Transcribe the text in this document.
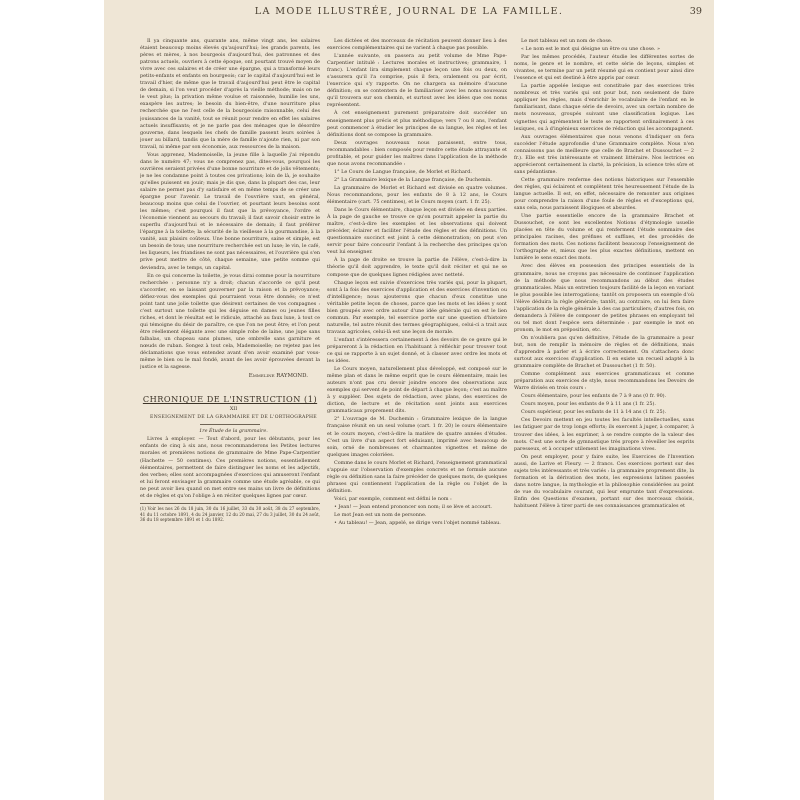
LA MODE ILLUSTRÉE, JOURNAL DE LA FAMILLE.	39

Il ya cinquante ans, quarante ans, même vingt ans, les salaires étaient beaucoup moins élevés qu'aujourd'hui; les grands parents, les pères et mères, à nos bourgeois d'aujourd'hui, des patronnes et des patrons actuels, ouvriers à cette époque, ont pourtant trouvé moyen de vivre avec ces salaires et de créer une épargne, qui a transformé leurs petits-enfants et enfants en bourgeois; car le capital d'aujourd'hui est le travail d'hier, de même que le travail d'aujourd'hui peut être le capital de demain, si l'on veut procéder d'après la vieille méthode; mais on ne le veut plus; la privation même voulue et raisonnée, humilie les uns, exaspère les autres; le besoin du bien-être, d'une nourriture plus recherchée que ne l'est celle de la bourgeoisie raisonnable, celui des jouissances de la vanité, tout se réunit pour rendre en effet les salaires actuels insuffisants; et je ne parle pas des ménages que le désordre gouverne, dans lesquels les chefs de famille passent leurs soirées à jouer au billard, tandis que la mère de famille n'ajoute rien, ni par son travail, ni même par son économie, aux ressources de la maison.

Vous apprenez, Mademoiselle, la jeune fille à laquelle j'ai répondu dans le numéro 47; vous ne comprenez pas, dites-vous, pourquoi les ouvrières seraient privées d'une bonne nourriture et de jolis vêtements; je ne les condamne point à toutes ces privations; loin de là, je souhaite qu'elles puissent en jouir; mais je dis que, dans la plupart des cas, leur salaire ne permet pas d'y satisfaire et en même temps de se créer une épargne pour l'avenir. Le travail de l'ouvrière vaut, en général, beaucoup moins que celui de l'ouvrier, et pourtant leurs besoins sont les mêmes; c'est pourquoi il faut que la prévoyance, l'ordre et l'économie viennent au secours du travail; il faut savoir choisir entre le superflu d'aujourd'hui et le nécessaire de demain; il faut préférer l'épargne à la toilette; la sécurité de la vieillesse à la gourmandise, à la vanité, aux plaisirs coûteux. Une bonne nourriture, saine et simple, est un besoin de tous; une nourriture recherchée est un luxe; le vin, le café, les liqueurs, les friandises ne sont pas nécessaires, et l'ouvrière qui s'en prive peut mettre de côté, chaque semaine, une petite somme qui deviendra, avec le temps, un capital.

En ce qui concerne la toilette, je vous dirai comme pour la nourriture recherchée : personne n'y a droit; chacun s'accorde ce qu'il peut s'accorder, en se laissant gouverner par la raison et la prévoyance; défiez-vous des exemples qui pourraient vous être donnés; ce n'est point tant une jolie toilette que désirent certaines de vos compagnes : c'est surtout une toilette qui les déguise en dames ou jeunes filles riches, et dont le résultat est le ridicule, attaché au faux luxe, à tout ce qui témoigne du désir de paraître, ce que l'on ne peut être; et l'on peut être réellement élégante avec une simple robe de laine, une jupe sans falbalas, un chapeau sans plumes, une ombrelle sans garniture et nœuds de ruban. Songez à tout cela, Mademoiselle; ne rejetez pas les déclamations que vous entendez avant d'en avoir examiné par vous-même le bien ou le mal fondé, avant de les avoir éprouvées devant la justice et la sagesse.

Emmeline RAYMOND.
CHRONIQUE DE L'INSTRUCTION (1)

XII

ENSEIGNEMENT DE LA GRAMMAIRE ET DE L'ORTHOGRAPHE

1re Étude de la grammaire.

Livres à employer. — Tout d'abord, pour les débutants, pour les enfants de cinq à six ans, nous recommanderons les Petites lectures morales et premières notions de grammaire de Mme Pape-Carpentier (Hachette — 50 centimes). Ces premières notions, essentiellement élémentaires, permettent de faire distinguer les noms et les adjectifs, des verbes; elles sont accompagnées d'exercices qui amuseront l'enfant et lui feront envisager la grammaire comme une étude agréable, ce qui ne peut avoir lieu quand on met entre ses mains un livre de définitions et de règles et qu'on l'oblige à en réciter quelques lignes par cœur.

(1) Voir les nos 26 du 18 juin, 30 du 16 juillet, 33 du 30 août, 38 du 27 septembre, 41 du 11 octobre 1891, 4 du 24 janvier, 12 du 20 mai, 27 du 3 juillet, 30 du 24 août, 36 du 18 septembre 1891 et 1 du 1892.

Les dictées et des morceaux de récitation peuvent donner lieu à des exercices complémentaires qui ne varient à chaque pas possible.

L'année suivante, on passera au petit volume de Mme Pape-Carpentier intitulé : Lectures morales et instructives; grammaire, 1 franc). L'enfant lira simplement chaque leçon une fois ou deux, on s'assurera qu'il l'a comprise, puis il fera, oralement ou par écrit, l'exercice qui s'y rapporte. On ne chargera sa mémoire d'aucune définition; on se contentera de le familiariser avec les noms nouveaux qu'il trouvera sur son chemin, et surtout avec les idées que ces noms représentent.

À cet enseignement purement préparatoire doit succéder un enseignement plus précis et plus méthodique; vers 7 ou 8 ans, l'enfant peut commencer à étudier les principes de sa langue, les règles et les définitions dont se compose la grammaire.

Deux ouvrages nouveaux nous paraissent, entre tous, recommandables : bien composés pour rendre cette étude attrayante et profitable, et pour guider les maîtres dans l'application de la méthode que nous avons recommandée :

1° Le Cours de Langue française, de Morlet et Richard.

2° La Grammaire lexique de la Langue française, de Duchemin.

La grammaire de Morlet et Richard est divisée en quatre volumes. Nous recommandons, pour les enfants de 8 à 12 ans, le Cours élémentaire (cart. 75 centimes), et le Cours moyen (cart. 1 fr. 25).

Dans le Cours élémentaire, chaque leçon est divisée en deux parties. À la page de gauche se trouve ce qu'on pourrait appeler la partie du maître, c'est-à-dire les exemples et les observations qui doivent précéder, éclairer et faciliter l'étude des règles et des définitions. Un questionnaire succinct est joint à cette démonstration; on peut s'en servir pour faire concourir l'enfant à la recherche des principes qu'on veut lui enseigner.

À la page de droite se trouve la partie de l'élève, c'est-à-dire la théorie qu'il doit apprendre, le texte qu'il doit réciter et qui ne se compose que de quelques lignes rédigées avec netteté.

Chaque leçon est suivie d'exercices très variés qui, pour la plupart, sont à la fois des exercices d'application et des exercices d'invention ou d'intelligence; nous ajouterons que chacun d'eux constitue une véritable petite leçon de choses, parce que les mots et les idées y sont bien groupés avec ordre autour d'une idée générale qui en est le lien commun. Par exemple, tel exercice porte sur une question d'histoire naturelle, tel autre réunit des termes géographiques, celui-ci a trait aux travaux agricoles, celui-là est une leçon de morale.

L'enfant s'intéressera certainement à des devoirs de ce genre qui le prépareront à la rédaction en l'habituant à réfléchir pour trouver tout ce qui se rapporte à un sujet donné, et à classer avec ordre les mots et les idées.

Le Cours moyen, naturellement plus développé, est composé sur le même plan et dans le même esprit que le cours élémentaire, mais les auteurs n'ont pas cru devoir joindre encore des observations aux exemples qui servent de point de départ à chaque leçon; c'est au maître à y suppléer. Des sujets de rédaction, avec plans, des exercices de diction, de lecture et de récitation sont joints aux exercices grammaticaux proprement dits.

2° L'ouvrage de M. Duchemin : Grammaire lexique de la langue française réunit en un seul volume (cart. 1 fr. 20) le cours élémentaire et le cours moyen, c'est-à-dire la matière de quatre années d'études. C'est un livre d'un aspect fort séduisant, imprimé avec beaucoup de soin, orné de nombreuses et charmantes vignettes et même de quelques images coloriées.

Comme dans le cours Morlet et Richard, l'enseignement grammatical s'appuie sur l'observation d'exemples concrets et ne formule aucune règle ou définition sans la faire précéder de quelques mots, de quelques phrases qui contiennent l'application de la règle ou l'objet de la définition.

Voici, par exemple, comment est défini le nom :

• Jean! — Jean entend prononcer son nom; il se lève et accourt.

Le mot Jean est un nom de personne.

• Au tableau! — Jean, appelé, se dirige vers l'objet nommé tableau.

Le mot tableau est un nom de chose.

« Le nom est le mot qui désigne un être ou une chose. »

Par les mêmes procédés, l'auteur étudie les différentes sortes de noms, le genre et le nombre, et cette série de leçons, simples et vivantes, se termine par un petit résumé qui en contient pour ainsi dire l'essence et qui est destiné à être appris par cœur.

La partie appelée lexique est constituée par des exercices très nombreux et très variés qui ont pour but, non seulement de faire appliquer les règles, mais d'enrichir le vocabulaire de l'enfant en le familiarisant, dans chaque série de devoirs, avec un certain nombre de mots nouveaux, groupés suivant une classification logique. Les vignettes qui agrémentent le texte se rapportent ordinairement à ces lexiques, ou à d'ingénieux exercices de rédaction qui les accompagnent.

Aux ouvrages élémentaires que nous venons d'indiquer on fera succéder l'étude approfondie d'une Grammaire complète. Nous n'en connaissons pas de meilleure que celle de Brachet et Dussouchet — 2 fr.). Elle est très intéressante et vraiment littéraire. Nos lectrices en apprécieront certainement la clarté, la précision, la science très sûre et sans pédantisme.

Cette grammaire renferme des notions historiques sur l'ensemble des règles, qui éclairent et complètent très heureusement l'étude de la langue actuelle. Il est, en effet, nécessaire de remonter aux origines pour comprendre la raison d'une foule de règles et d'exceptions qui, sans cela, nous paraissent illogiques et absurdes.

Une partie essentielle encore de la grammaire Brachet et Dussouchet, ce sont les excellentes Notions d'étymologie usuelle placées en tête du volume et qui renferment l'étude sommaire des principales racines, des préfixes et suffixes, et des procédés de formation des mots. Ces notions facilitent beaucoup l'enseignement de l'orthographe et, mieux que les plus exactes définitions, mettent en lumière le sens exact des mots.

Avec des élèves en possession des principes essentiels de la grammaire, nous ne croyons pas nécessaire de continuer l'application de la méthode que nous recommandons au début des études grammaticales. Mais un entretien toujours facilité de la leçon en variant le plus possible les interrogations; tantôt on proposera un exemple d'où l'élève déduira la règle générale; tantôt, au contraire, on lui fera faire l'application de la règle générale à des cas particuliers; d'autres fois, on demandera à l'élève de composer de petites phrases en employant tel ou tel mot dont l'espèce sera déterminée : par exemple le mot en pronom, le mot en préposition, etc.

On n'oubliera pas qu'en définitive, l'étude de la grammaire a pour but, non de remplir la mémoire de règles et de définitions, mais d'apprendre à parler et à écrire correctement. On s'attachera donc surtout aux exercices d'application. Il en existe un recueil adapté à la grammaire complète de Brachet et Dussouchet (1 fr. 50).

Comme complément aux exercices grammaticaux et comme préparation aux exercices de style, nous recommandons les Devoirs de Warre divisés en trois cours :

Cours élémentaire, pour les enfants de 7 à 9 ans (0 fr. 90).

Cours moyen, pour les enfants de 9 à 11 ans (1 fr. 25).

Cours supérieur, pour les enfants de 11 à 14 ans (1 fr. 25).

Ces Devoirs mettent en jeu toutes les facultés intellectuelles, sans les fatiguer par de trop longs efforts; ils exercent à juger, à comparer, à trouver des idées, à les exprimer, à se rendre compte de la valeur des mots. C'est une sorte de gymnastique très propre à réveiller les esprits paresseux, et à occuper utilement les imaginations vives.

On peut employer, pour y faire suite, les Exercices de l'Invention aussi, de Larive et Fleury. — 2 francs. Ces exercices portent sur des sujets très intéressants et très variés : la grammaire proprement dite, la formation et la dérivation des mots, les expressions latines passées dans notre langue, la mythologie et la philosophie considérées au point de vue du vocabulaire courant, qui leur emprunte tant d'expressions. Enfin des Questions d'examen, portant sur des morceaux choisis, habituent l'élève à tirer parti de ses connaissances grammaticales et
